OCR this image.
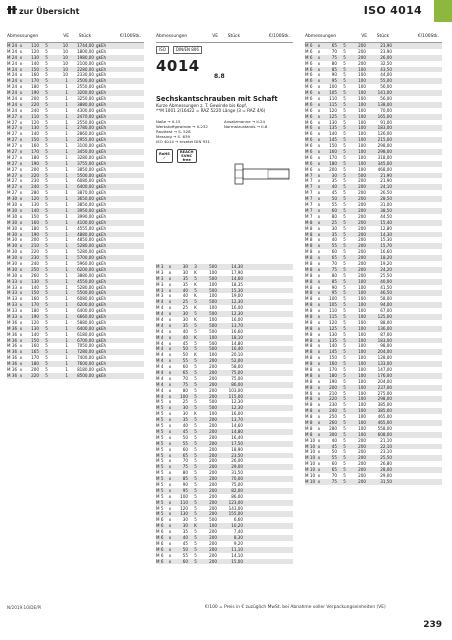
zur Übersicht	ISO 4014
Abmessungen	VE	Stück	€/100Stk.
M 24 x	110	5	10	1744,00 gkEh
M 24 x	120	5	10	1800,00 gkEh
M 24 x	130	5	10	1980,00 gkEh
M 24 x	140	5	10	2100,00 gkEh
M 24 x	150	5	10	2280,00 gkEh
M 24 x	160	5	10	2330,00 gkEh
M 24 x	170	5	1	2500,00 gkEh
M 24 x	180	5	1	2550,00 gkEh
M 24 x	190	5	1	3200,00 gkEh
M 24 x	200	5	1	3250,00 gkEh
M 24 x	220	5	1	3880,00 gkEh
M 24 x	240	5	1	4300,00 gkEh
M 27 x	110	5	1	2470,00 gkEh
M 27 x	120	5	1	2550,00 gkEh
M 27 x	130	5	1	2780,00 gkEh
M 27 x	140	5	1	2860,00 gkEh
M 27 x	150	5	1	2955,00 gkEh
M 27 x	160	5	1	3100,00 gkEh
M 27 x	170	5	1	3450,00 gkEh
M 27 x	180	5	1	3280,00 gkEh
M 27 x	190	5	1	3755,00 gkEh
M 27 x	200	5	1	3850,00 gkEh
M 27 x	220	5	1	5500,00 gkEh
M 27 x	230	5	1	6080,00 gkEh
M 27 x	240	5	1	6400,00 gkEh
M 27 x	280	5	1	3870,00 gkEh
M 30 x	120	5	1	3650,00 gkEh
M 30 x	130	5	1	3850,00 gkEh
M 30 x	140	5	1	3950,00 gkEh
M 30 x	150	5	1	3990,00 gkEh
M 30 x	160	5	1	4100,00 gkEh
M 30 x	180	5	1	4555,00 gkEh
M 30 x	190	5	1	4880,00 gkEh
M 30 x	200	5	1	4850,00 gkEh
M 30 x	210	5	1	5280,00 gkEh
M 30 x	220	5	1	5280,00 gkEh
M 30 x	230	5	1	5700,00 gkEh
M 30 x	240	5	1	5960,00 gkEh
M 30 x	250	5	1	6200,00 gkEh
M 30 x	260	5	1	3880,00 gkEh
M 33 x	130	5	1	4550,00 gkEh
M 33 x	140	5	1	5280,00 gkEh
M 33 x	150	5	1	5500,00 gkEh
M 33 x	160	5	1	6080,00 gkEh
M 33 x	170	5	1	6200,00 gkEh
M 33 x	180	5	1	6400,00 gkEh
M 33 x	190	5	1	6660,00 gkEh
M 36 x	120	5	1	5880,00 gkEh
M 36 x	130	5	1	6400,00 gkEh
M 36 x	140	5	1	6180,00 gkEh
M 36 x	150	5	1	6700,00 gkEh
M 36 x	160	5	1	7050,00 gkEh
M 36 x	165	5	1	7280,00 gkEh
M 36 x	170	5	1	7400,00 gkEh
M 36 x	180	5	1	7600,00 gkEh
M 36 x	200	5	1	8180,00 gkEh
M 36 x	220	5	1	8500,00 gkEh
Abmessungen	VE	Stück	€/100Stk.
ISO	DIN/EN 806
4014
8.8
Sechskantschrauben mit Schaft
Kurze Abmessungen z. T. Gewinde bis Kopf,
**M 1001 2/16422 = RAZ 5220 Länge (3 = RAZ 4/6)
Naße → II-15	Ansatzmanne → II-24
Werkstoffgewinde → II-232	Normalzustands → II-6
Rauttest → S. 528
Messing → S. 639
ISO 4014 → ersetzt DIN 931
RoHS
✓
REACH
SVHC
free
M 3	x	30	3	500	14,30
M 3	x	30	K	100	17,90
M 3	x	35	5	500	14,60
M 3	x	35	K	100	18,35
M 3	x	40	5	500	15,30
M 3	x	40	K	100	19,00
M 4	x	25	5	500	12,30
M 4	x	25	K	100	16,00
M 4	x	30	5	500	12,30
M 4	x	30	K	100	16,00
M 4	x	35	5	500	13,70
M 4	x	40	5	500	16,60
M 4	x	40	K	100	18,10
M 4	x	45	5	500	14,80
M 4	x	50	5	500	16,40
M 4	x	50	K	100	20,10
M 4	x	55	5	200	52,00
M 4	x	60	5	200	58,00
M 4	x	65	5	200	75,00
M 4	x	70	5	200	75,00
M 4	x	75	5	200	86,00
M 4	x	80	5	200	103,00
M 4	x	100	5	200	115,00
M 5	x	25	5	500	12,30
M 5	x	30	5	500	12,30
M 5	x	30	K	100	16,00
M 5	x	35	5	200	13,70
M 5	x	40	5	200	14,60
M 5	x	45	5	200	14,80
M 5	x	50	5	200	16,40
M 5	x	55	5	200	17,50
M 5	x	60	5	200	18,90
M 5	x	65	5	200	23,50
M 5	x	70	5	200	26,00
M 5	x	75	5	200	29,00
M 5	x	80	5	200	31,50
M 5	x	85	5	200	70,00
M 5	x	90	5	200	75,00
M 5	x	95	5	200	82,00
M 5	x	100	5	200	86,00
M 5	x	110	5	200	123,00
M 5	x	120	5	200	143,00
M 5	x	130	5	200	155,00
M 6	x	30	5	500	6,60
M 6	x	30	K	100	10,20
M 6	x	35	5	200	7,40
M 6	x	40	5	200	8,30
M 6	x	45	5	200	9,20
M 6	x	50	5	200	11,10
M 6	x	55	5	200	14,10
M 6	x	60	5	200	15,00
Abmessungen	VE	Stück	€/100Stk.
M 6	x	65	5	200	23,90
M 6	x	70	5	200	23,90
M 6	x	75	5	200	26,00
M 6	x	80	5	200	32,50
M 6	x	85	5	100	43,50
M 6	x	90	5	100	44,00
M 6	x	95	5	100	55,00
M 6	x	100	5	100	56,00
M 6	x	105	5	100	141,00
M 6	x	110	5	100	56,00
M 6	x	115	5	100	138,00
M 6	x	120	5	100	70,00
M 6	x	125	5	100	165,00
M 6	x	130	5	100	91,00
M 6	x	135	5	100	183,00
M 6	x	140	5	100	126,00
M 6	x	145	5	100	215,00
M 6	x	150	5	100	298,00
M 6	x	160	5	100	298,00
M 6	x	170	5	100	318,00
M 6	x	180	5	100	345,00
M 6	x	200	5	100	468,00
M 7	x	30	5	500	21,90
M 7	x	35	5	200	21,90
M 7	x	40	5	200	24,10
M 7	x	45	5	200	26,50
M 7	x	50	5	200	28,50
M 7	x	55	5	200	31,00
M 7	x	60	5	200	38,50
M 7	x	80	5	200	44,50
M 8	x	25	5	200	15,40
M 8	x	30	5	200	12,80
M 8	x	35	5	200	14,30
M 8	x	40	5	200	15,30
M 8	x	55	5	200	15,70
M 8	x	60	5	200	16,60
M 8	x	65	5	200	18,20
M 8	x	70	5	200	19,20
M 8	x	75	5	200	24,20
M 8	x	80	5	200	25,50
M 8	x	85	5	100	40,00
M 8	x	90	5	100	41,50
M 8	x	95	5	100	46,50
M 8	x	100	5	100	58,00
M 8	x	105	5	100	94,00
M 8	x	110	5	100	67,00
M 8	x	115	5	100	125,00
M 8	x	120	5	100	88,00
M 8	x	125	5	100	136,00
M 8	x	130	5	100	87,00
M 8	x	135	5	100	183,00
M 8	x	140	5	100	98,00
M 8	x	145	5	100	204,00
M 8	x	150	5	100	128,00
M 8	x	160	5	100	133,00
M 8	x	170	5	100	147,00
M 8	x	180	5	100	176,00
M 8	x	190	5	100	204,00
M 8	x	200	5	100	237,00
M 8	x	210	5	100	275,00
M 8	x	220	5	100	298,00
M 8	x	230	5	100	385,00
M 8	x	240	5	100	385,00
M 8	x	250	5	100	465,00
M 8	x	260	5	100	465,00
M 8	x	280	5	100	558,00
M 8	x	300	5	100	608,00
M 10 x	40	5	200	21,10
M 10 x	45	5	200	22,10
M 10 x	50	5	200	23,10
M 10 x	55	5	200	25,50
M 10 x	60	5	200	26,80
M 10 x	65	5	200	28,00
M 10 x	70	5	200	29,00
M 10 x	75	5	200	31,50
N/2019.10/DE/Pl	€/100 = Preis in € zuzüglich MwSt. bei Abnahme voller Verpackungseinheiten (VE)
239
